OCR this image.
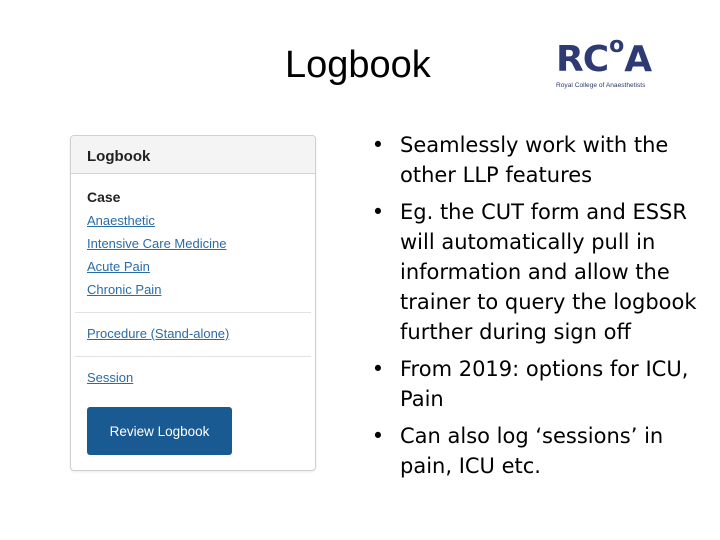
Logbook	R C o A
Royal College of Anaesthetists
Logbook
Case
Anaesthetic
Intensive Care Medicine
Acute Pain
Chronic Pain
Procedure (Stand-alone)
Session
Review Logbook
• Seamlessly work with the other LLP features
• Eg. the CUT form and ESSR will automatically pull in information and allow the trainer to query the logbook further during sign off
• From 2019: options for ICU, Pain
• Can also log ‘sessions’ in pain, ICU etc.
